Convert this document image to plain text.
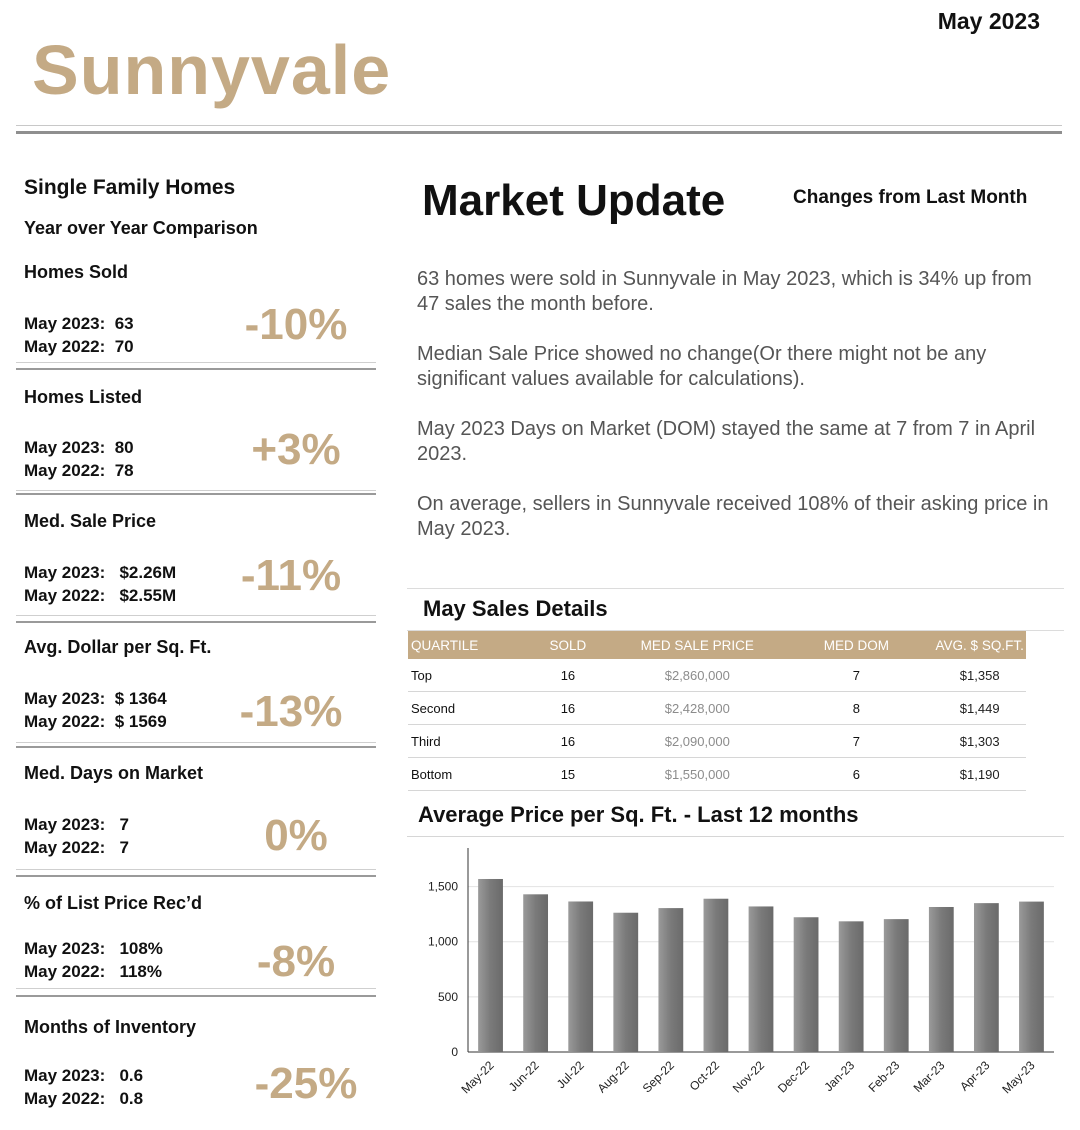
May 2023
Sunnyvale
Single Family Homes
Year over Year Comparison
Homes Sold
May 2023:  63
May 2022:  70	-10%
Homes Listed
May 2023:  80
May 2022:  78	+3%
Med. Sale Price
May 2023:   $2.26M
May 2022:   $2.55M	-11%
Avg. Dollar per Sq. Ft.
May 2023:  $ 1364
May 2022:  $ 1569	-13%
Med. Days on Market
May 2023:   7
May 2022:   7	0%
% of List Price Rec’d
May 2023:   108%
May 2022:   118%	-8%
Months of Inventory
May 2023:   0.6
May 2022:   0.8	-25%
Market Update	Changes from Last Month
63 homes were sold in Sunnyvale in May 2023, which is 34% up from 47 sales the month before.
Median Sale Price showed no change(Or there might not be any significant values available for calculations).
May 2023 Days on Market (DOM) stayed the same at 7 from 7 in April 2023.
On average, sellers in Sunnyvale received 108% of their asking price in May 2023.
May Sales Details
QUARTILE	SOLD	MED SALE PRICE	MED DOM	AVG. $ SQ.FT.
Top	16	$2,860,000	7	$1,358
Second	16	$2,428,000	8	$1,449
Third	16	$2,090,000	7	$1,303
Bottom	15	$1,550,000	6	$1,190
Average Price per Sq. Ft. - Last 12 months
0
500
1,000
1,500
May-22 Jun-22 Jul-22 Aug-22 Sep-22 Oct-22 Nov-22 Dec-22 Jan-23 Feb-23 Mar-23 Apr-23 May-23
